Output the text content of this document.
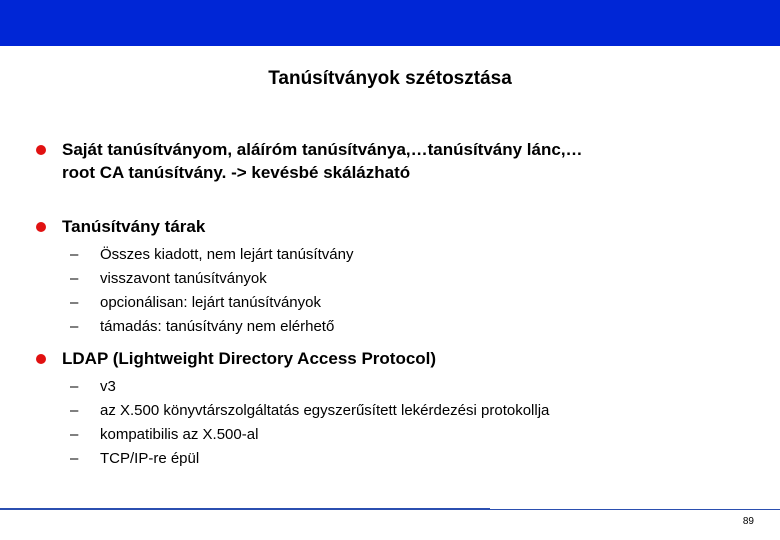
Tanúsítványok szétosztása
Saját tanúsítványom, aláíróm tanúsítványa,…tanúsítvány lánc,…
root CA tanúsítvány. -> kevésbé skálázható
Tanúsítvány tárak
– Összes kiadott, nem lejárt tanúsítvány
– visszavont tanúsítványok
– opcionálisan: lejárt tanúsítványok
– támadás: tanúsítvány nem elérhető
LDAP (Lightweight Directory Access Protocol)
– v3
– az X.500 könyvtárszolgáltatás egyszerűsített lekérdezési protokollja
– kompatibilis az X.500-al
– TCP/IP-re épül
89
